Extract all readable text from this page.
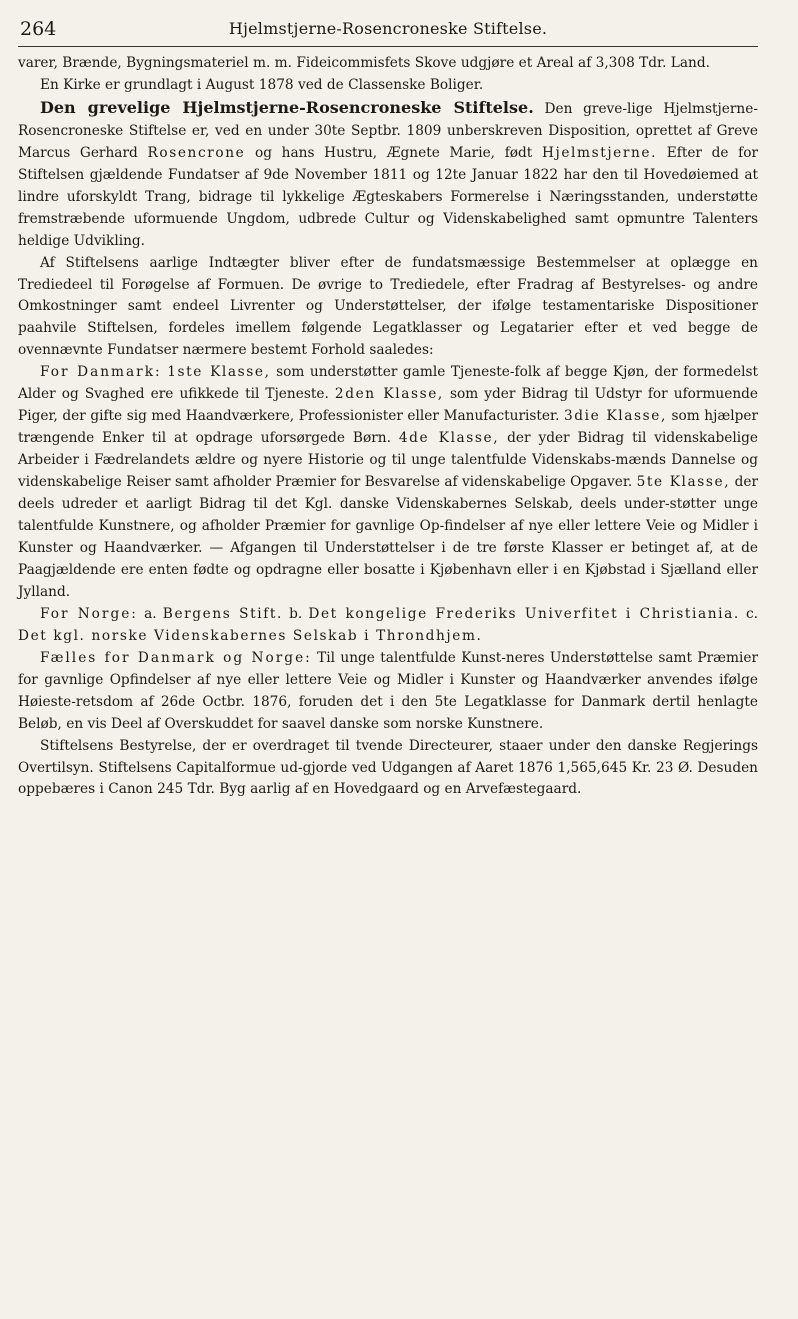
264	Hjelmstjerne-Rosencroneske Stiftelse.

varer, Brænde, Bygningsmateriel m. m. Fideicommisfets Skove udgjøre et Areal af 3,308 Tdr. Land.

En Kirke er grundlagt i August 1878 ved de Classenske Boliger.

Den grevelige Hjelmstjerne-Rosencroneske Stiftelse. Den greve-lige Hjelmstjerne-Rosencroneske Stiftelse er, ved en under 30te Septbr. 1809 unberskreven Disposition, oprettet af Greve Marcus Gerhard Rosencrone og hans Hustru, Ægnete Marie, født Hjelmstjerne. Efter de for Stiftelsen gjældende Fundatser af 9de November 1811 og 12te Januar 1822 har den til Hovedøiemed at lindre uforskyldt Trang, bidrage til lykkelige Ægteskabers Formerelse i Næringsstanden, understøtte fremstræbende uformuende Ungdom, udbrede Cultur og Videnskabelighed samt opmuntre Talenters heldige Udvikling.

Af Stiftelsens aarlige Indtægter bliver efter de fundatsmæssige Bestemmelser at oplægge en Trediedeel til Forøgelse af Formuen. De øvrige to Trediedele, efter Fradrag af Bestyrelses- og andre Omkostninger samt endeel Livrenter og Understøttelser, der ifølge testamentariske Dispositioner paahvile Stiftelsen, fordeles imellem følgende Legatklasser og Legatarier efter et ved begge de ovennævnte Fundatser nærmere bestemt Forhold saaledes:

For Danmark: 1ste Klasse, som understøtter gamle Tjeneste-folk af begge Kjøn, der formedelst Alder og Svaghed ere ufikkede til Tjeneste. 2den Klasse, som yder Bidrag til Udstyr for uformuende Piger, der gifte sig med Haandværkere, Professionister eller Manufacturister. 3die Klasse, som hjælper trængende Enker til at opdrage uforsørgede Børn. 4de Klasse, der yder Bidrag til videnskabelige Arbeider i Fædrelandets ældre og nyere Historie og til unge talentfulde Videnskabs-mænds Dannelse og videnskabelige Reiser samt afholder Præmier for Besvarelse af videnskabelige Opgaver. 5te Klasse, der deels udreder et aarligt Bidrag til det Kgl. danske Videnskabernes Selskab, deels under-støtter unge talentfulde Kunstnere, og afholder Præmier for gavnlige Op-findelser af nye eller lettere Veie og Midler i Kunster og Haandværker. — Afgangen til Understøttelser i de tre første Klasser er betinget af, at de Paagjældende ere enten fødte og opdragne eller bosatte i Kjøbenhavn eller i en Kjøbstad i Sjælland eller Jylland.

For Norge: a. Bergens Stift. b. Det kongelige Frederiks Univerfitet i Christiania. c. Det kgl. norske Videnskabernes Selskab i Throndhjem.

Fælles for Danmark og Norge: Til unge talentfulde Kunst-neres Understøttelse samt Præmier for gavnlige Opfindelser af nye eller lettere Veie og Midler i Kunster og Haandværker anvendes ifølge Høieste-retsdom af 26de Octbr. 1876, foruden det i den 5te Legatklasse for Danmark dertil henlagte Beløb, en vis Deel af Overskuddet for saavel danske som norske Kunstnere.

Stiftelsens Bestyrelse, der er overdraget til tvende Directeurer, staaer under den danske Regjerings Overtilsyn. Stiftelsens Capitalformue ud-gjorde ved Udgangen af Aaret 1876 1,565,645 Kr. 23 Ø. Desuden oppebæres i Canon 245 Tdr. Byg aarlig af en Hovedgaard og en Arvefæstegaard.
